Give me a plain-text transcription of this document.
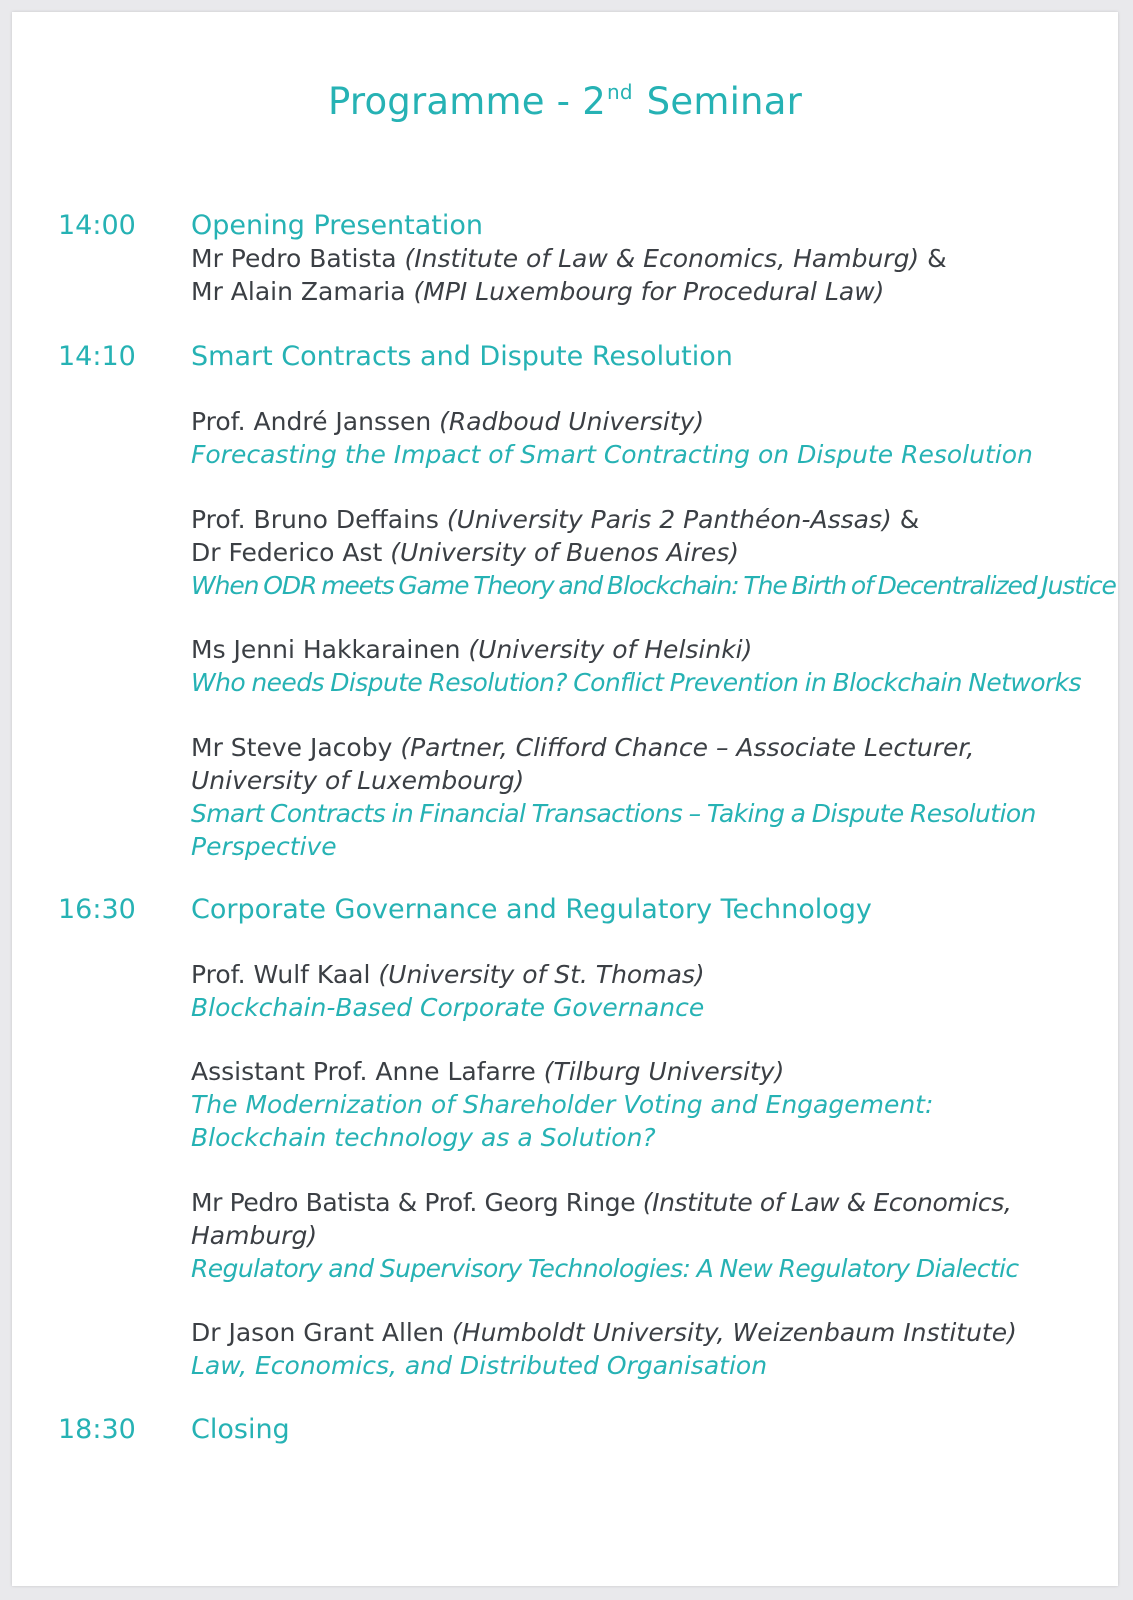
Programme - 2nd Seminar
14:00 Opening Presentation
Mr Pedro Batista (Institute of Law & Economics, Hamburg) &
Mr Alain Zamaria (MPI Luxembourg for Procedural Law)
14:10 Smart Contracts and Dispute Resolution
Prof. André Janssen (Radboud University)
Forecasting the Impact of Smart Contracting on Dispute Resolution
Prof. Bruno Deffains (University Paris 2 Panthéon-Assas) &
Dr Federico Ast (University of Buenos Aires)
When ODR meets Game Theory and Blockchain: The Birth of Decentralized Justice
Ms Jenni Hakkarainen (University of Helsinki)
Who needs Dispute Resolution? Conflict Prevention in Blockchain Networks
Mr Steve Jacoby (Partner, Clifford Chance – Associate Lecturer,
University of Luxembourg)
Smart Contracts in Financial Transactions – Taking a Dispute Resolution
Perspective
16:30 Corporate Governance and Regulatory Technology
Prof. Wulf Kaal (University of St. Thomas)
Blockchain-Based Corporate Governance
Assistant Prof. Anne Lafarre (Tilburg University)
The Modernization of Shareholder Voting and Engagement:
Blockchain technology as a Solution?
Mr Pedro Batista & Prof. Georg Ringe (Institute of Law & Economics,
Hamburg)
Regulatory and Supervisory Technologies: A New Regulatory Dialectic
Dr Jason Grant Allen (Humboldt University, Weizenbaum Institute)
Law, Economics, and Distributed Organisation
18:30 Closing
